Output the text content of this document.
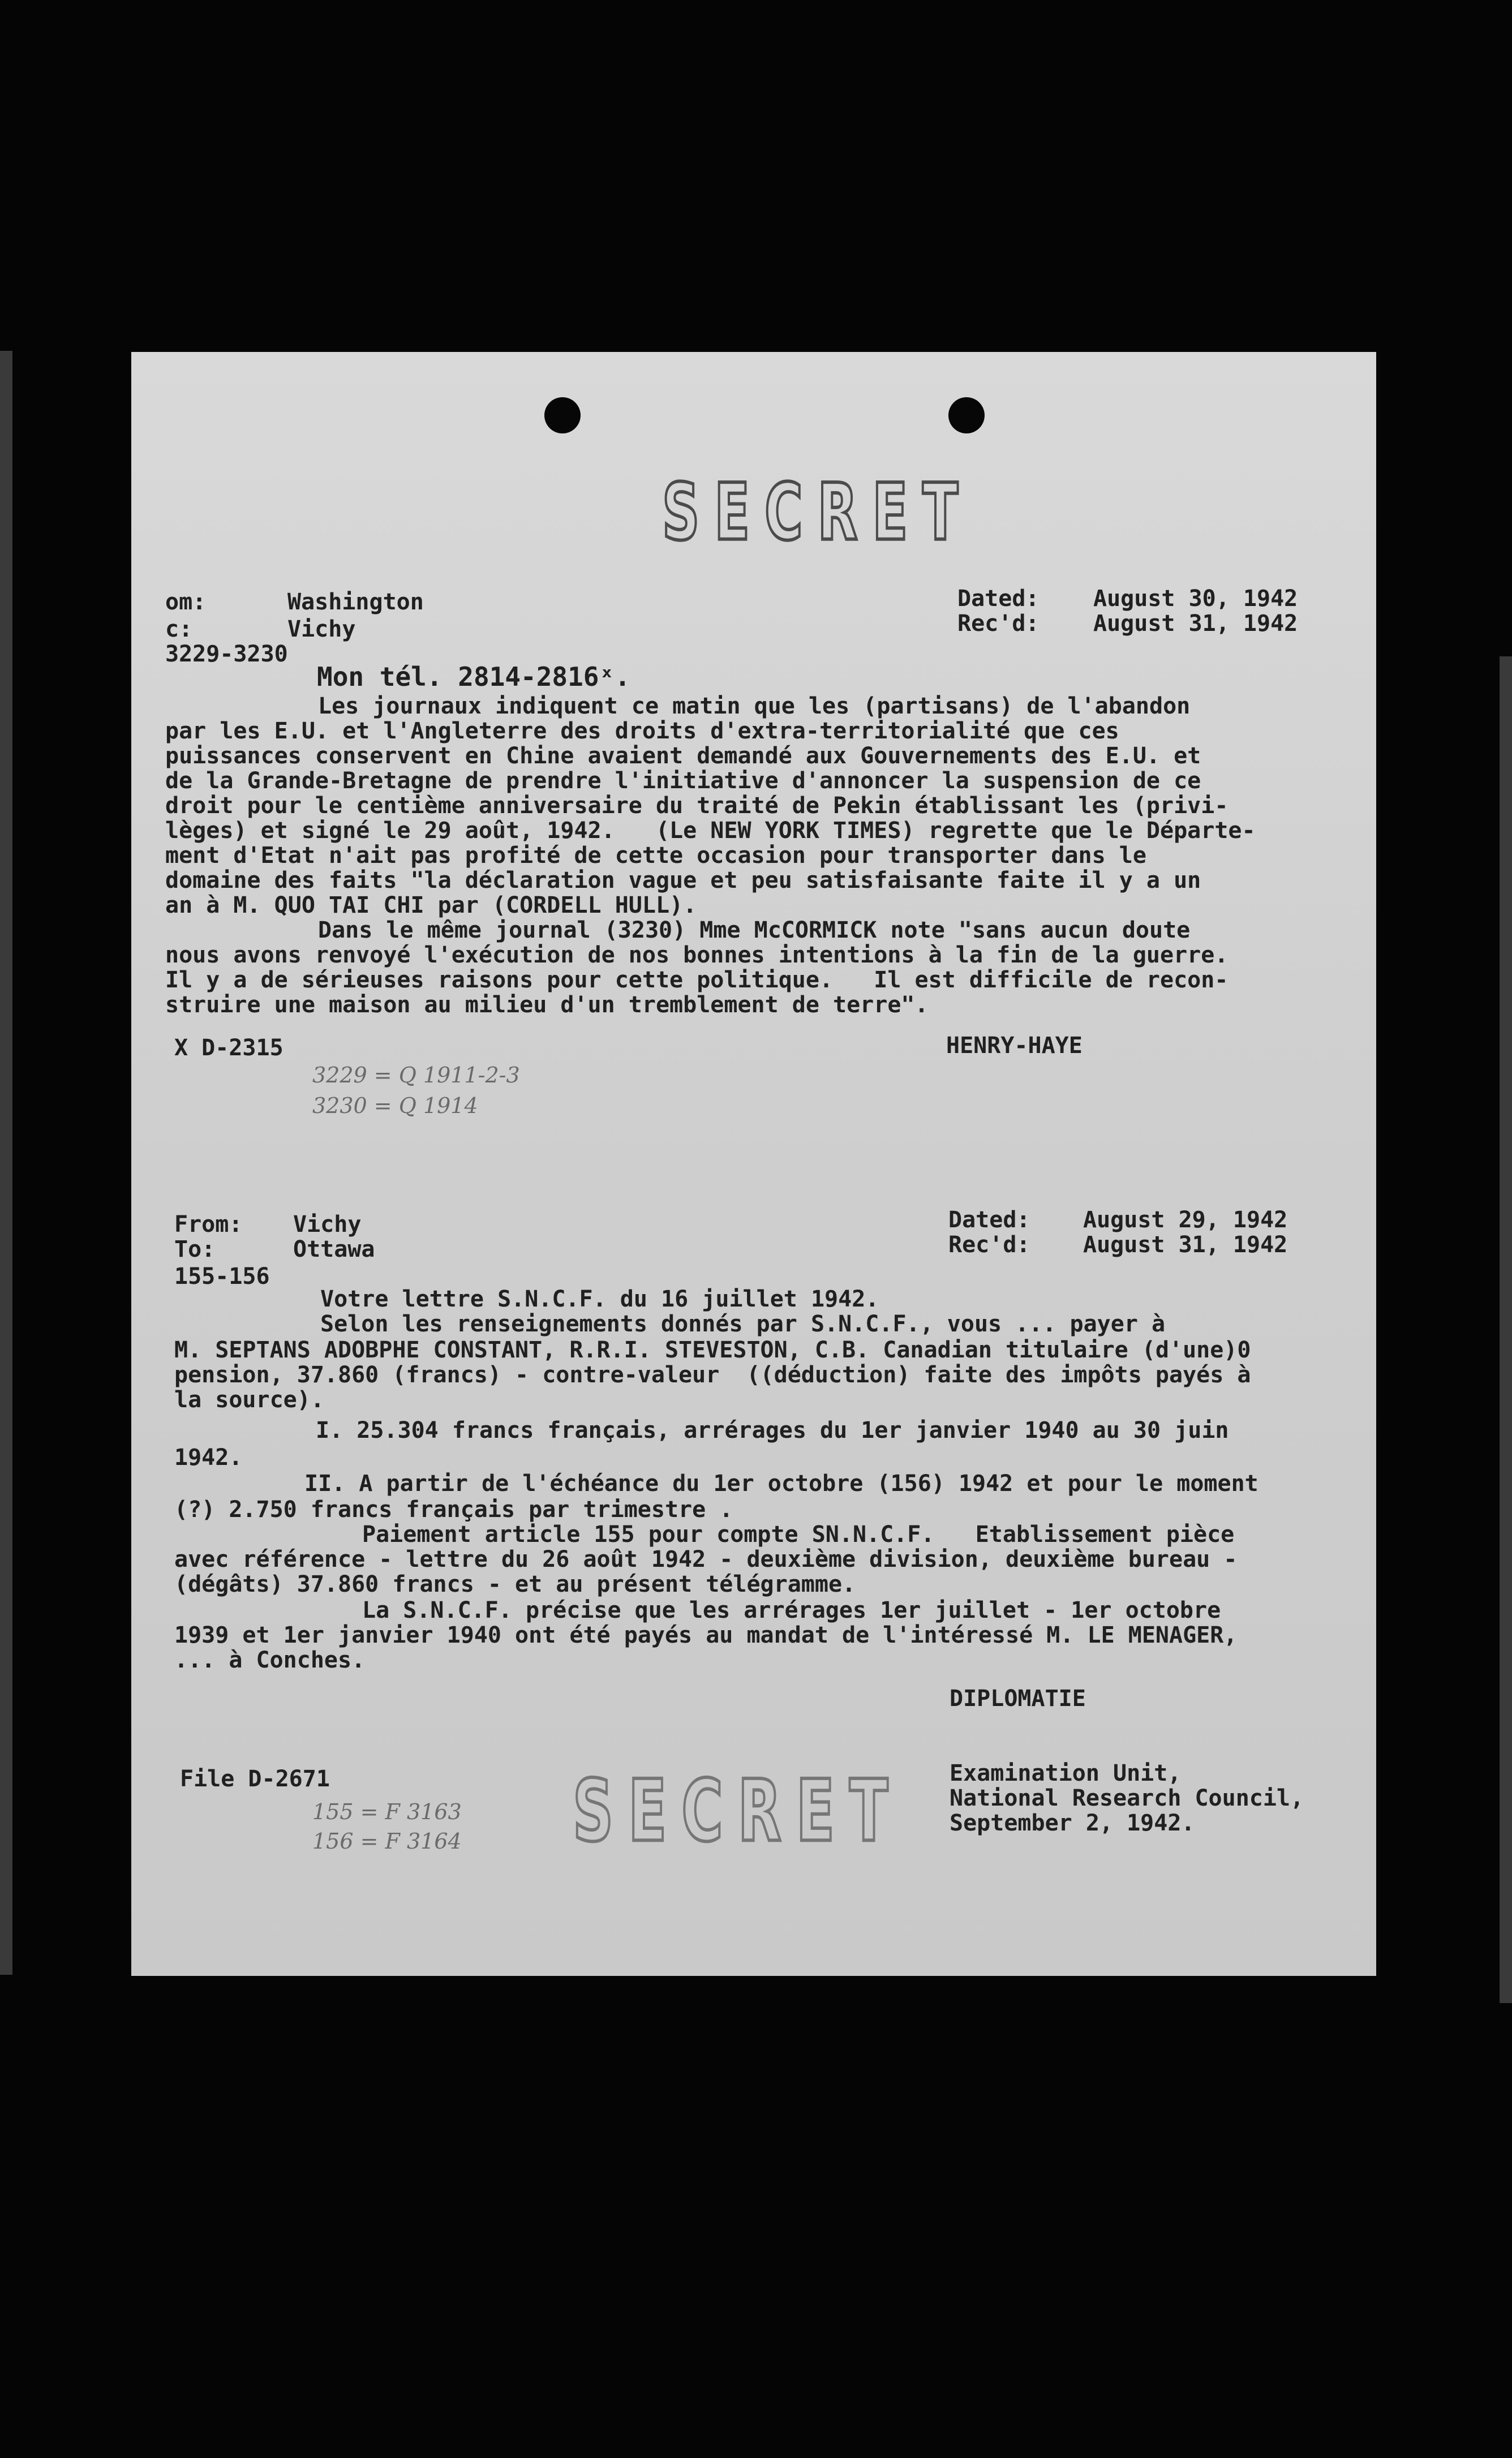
SECRET
om:	Washington
c:	Vichy
3229-3230
Dated: August 30, 1942
Rec'd: August 31, 1942
Mon tél. 2814-2816ˣ.
Les journaux indiquent ce matin que les (partisans) de l'abandon
par les E.U. et l'Angleterre des droits d'extra-territorialité que ces
puissances conservent en Chine avaient demandé aux Gouvernements des E.U. et
de la Grande-Bretagne de prendre l'initiative d'annoncer la suspension de ce
droit pour le centième anniversaire du traité de Pekin établissant les (privi-
lèges) et signé le 29 août, 1942.   (Le NEW YORK TIMES) regrette que le Départe-
ment d'Etat n'ait pas profité de cette occasion pour transporter dans le
domaine des faits "la déclaration vague et peu satisfaisante faite il y a un
an à M. QUO TAI CHI par (CORDELL HULL).
Dans le même journal (3230) Mme McCORMICK note "sans aucun doute
nous avons renvoyé l'exécution de nos bonnes intentions à la fin de la guerre.
Il y a de sérieuses raisons pour cette politique.   Il est difficile de recon-
struire une maison au milieu d'un tremblement de terre".
X D-2315	HENRY-HAYE
3229 = Q 1911-2-3
3230 = Q 1914
From: Vichy
To:	Ottawa
155-156
Dated: August 29, 1942
Rec'd: August 31, 1942
Votre lettre S.N.C.F. du 16 juillet 1942.
Selon les renseignements donnés par S.N.C.F., vous ... payer à
M. SEPTANS ADOBPHE CONSTANT, R.R.I. STEVESTON, C.B. Canadian titulaire (d'une)0
pension, 37.860 (francs) - contre-valeur  ((déduction) faite des impôts payés à
la source).
I. 25.304 francs français, arrérages du 1er janvier 1940 au 30 juin
1942.
II. A partir de l'échéance du 1er octobre (156) 1942 et pour le moment
(?) 2.750 francs français par trimestre .
Paiement article 155 pour compte SN.N.C.F.   Etablissement pièce
avec référence - lettre du 26 août 1942 - deuxième division, deuxième bureau -
(dégâts) 37.860 francs - et au présent télégramme.
La S.N.C.F. précise que les arrérages 1er juillet - 1er octobre
1939 et 1er janvier 1940 ont été payés au mandat de l'intéressé M. LE MENAGER,
... à Conches.
DIPLOMATIE
File D-2671
155 = F 3163
156 = F 3164 SECRET Examination Unit,
National Research Council,
September 2, 1942.
